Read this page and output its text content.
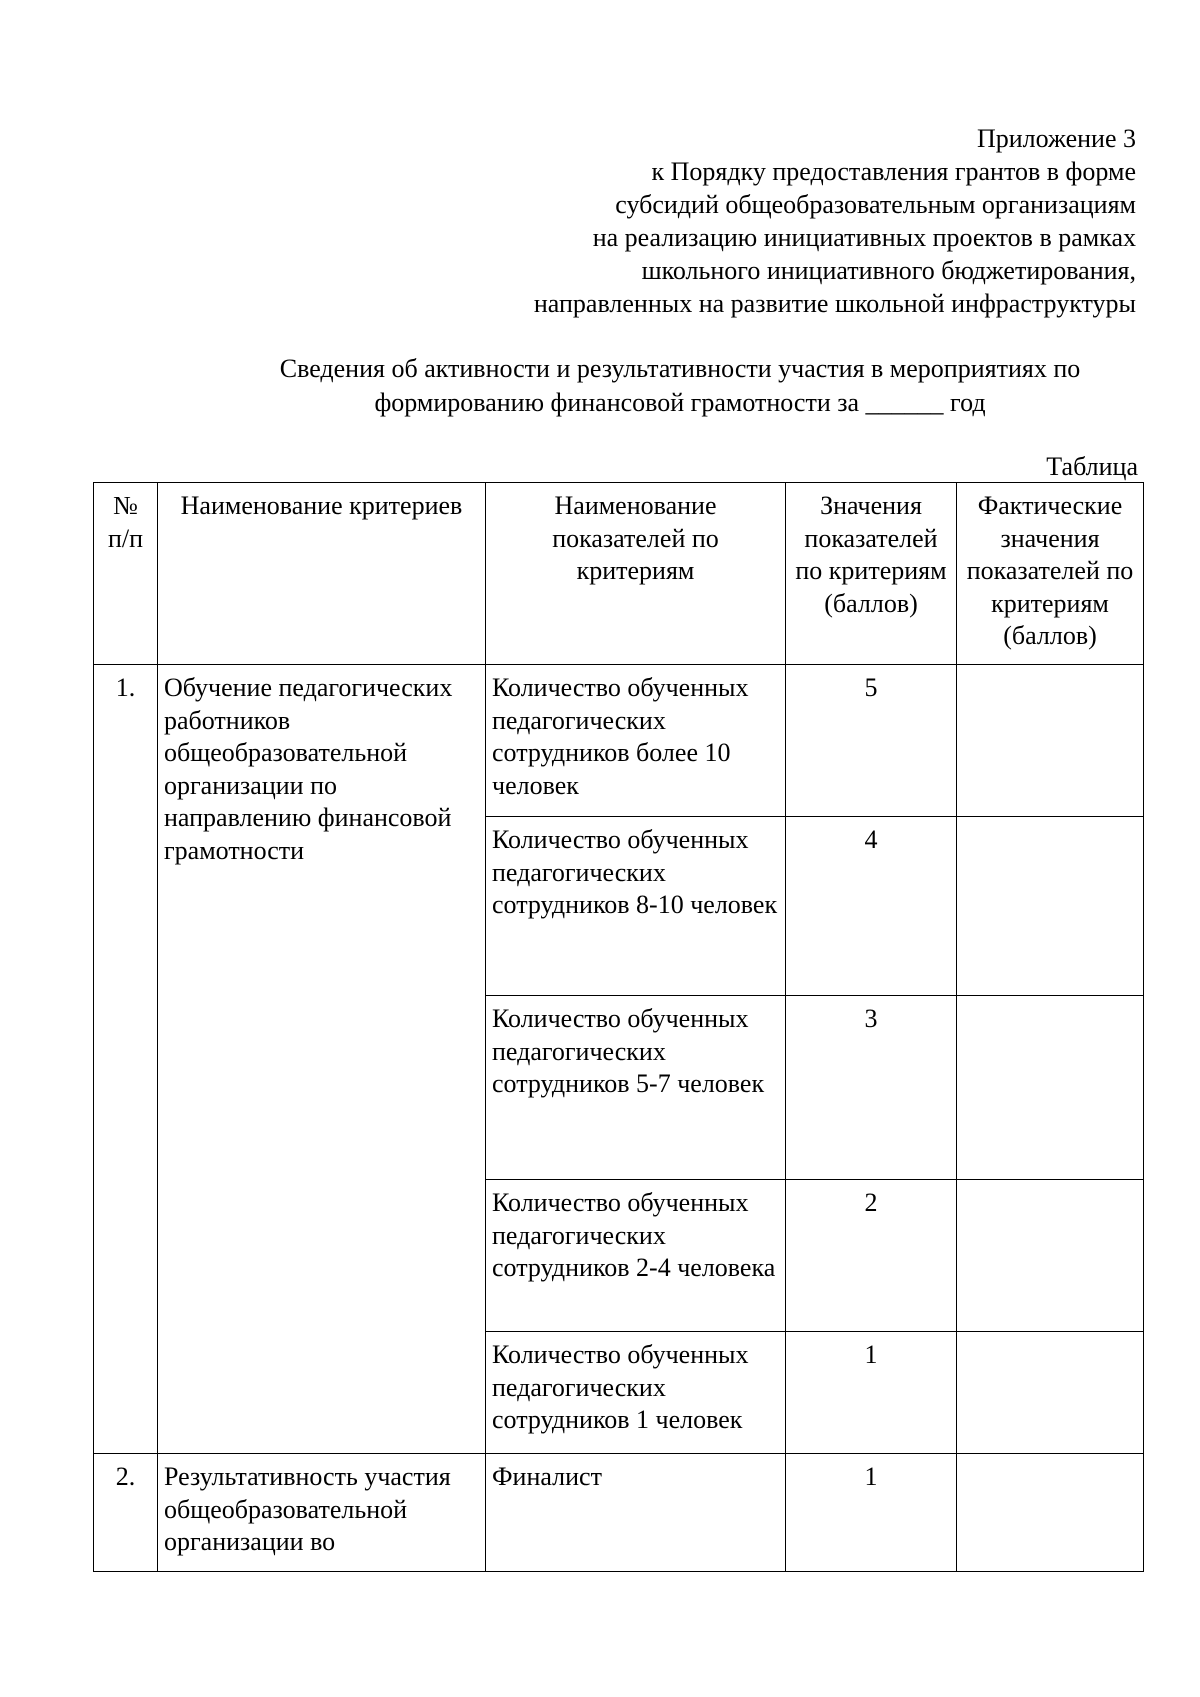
Приложение 3
к Порядку предоставления грантов в форме
субсидий общеобразовательным организациям
на реализацию инициативных проектов в рамках
школьного инициативного бюджетирования,
направленных на развитие школьной инфраструктуры
Сведения об активности и результативности участия в мероприятиях по
формированию финансовой грамотности за ______ год
Таблица
№ п/п	Наименование критериев	Наименование показателей по критериям	Значения показателей по критериям (баллов)	Фактические значения показателей по критериям (баллов)
1.	Обучение педагогических работников общеобразовательной организации по направлению финансовой грамотности	Количество обученных педагогических сотрудников более 10 человек	5	
		Количество обученных педагогических сотрудников 8-10 человек	4	
		Количество обученных педагогических сотрудников 5-7 человек	3	
		Количество обученных педагогических сотрудников 2-4 человека	2	
		Количество обученных педагогических сотрудников 1 человек	1	
2.	Результативность участия общеобразовательной организации во	Финалист	1	
